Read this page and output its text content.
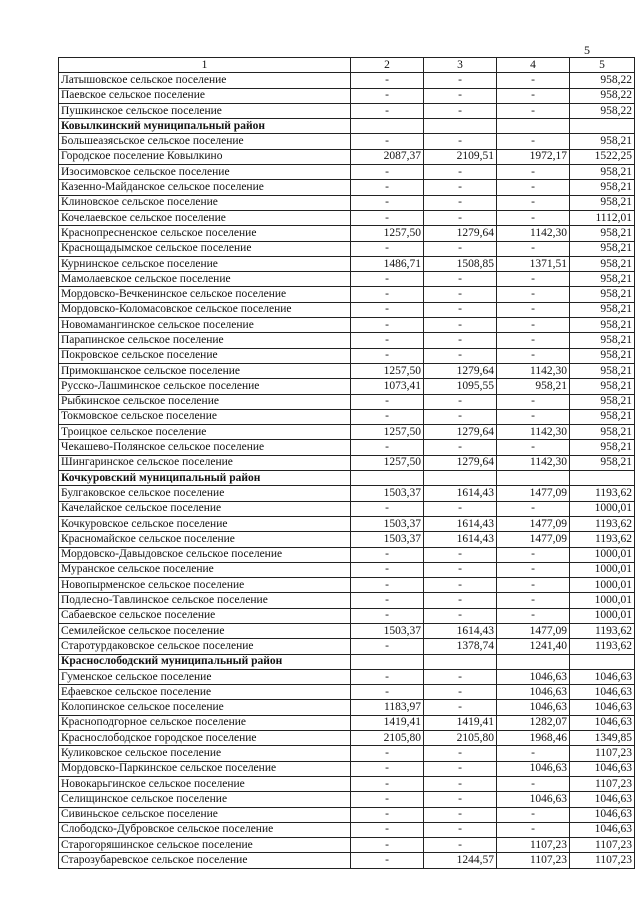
5
1	2	3	4	5
Латышовское сельское поселение	-	-	-	958,22
Паевское сельское поселение	-	-	-	958,22
Пушкинское сельское поселение	-	-	-	958,22
Ковылкинский муниципальный район				
Большеазясьское сельское поселение	-	-	-	958,21
Городское поселение Ковылкино	2087,37	2109,51	1972,17	1522,25
Изосимовское сельское поселение	-	-	-	958,21
Казенно-Майданское сельское поселение	-	-	-	958,21
Клиновское сельское поселение	-	-	-	958,21
Кочелаевское сельское поселение	-	-	-	1112,01
Краснопресненское сельское поселение	1257,50	1279,64	1142,30	958,21
Краснощадымское сельское поселение	-	-	-	958,21
Курнинское сельское поселение	1486,71	1508,85	1371,51	958,21
Мамолаевское сельское поселение	-	-	-	958,21
Мордовско-Вечкенинское сельское поселение	-	-	-	958,21
Мордовско-Коломасовское сельское поселение	-	-	-	958,21
Новомамангинское сельское поселение	-	-	-	958,21
Парапинское сельское поселение	-	-	-	958,21
Покровское сельское поселение	-	-	-	958,21
Примокшанское сельское поселение	1257,50	1279,64	1142,30	958,21
Русско-Лашминское сельское поселение	1073,41	1095,55	958,21	958,21
Рыбкинское сельское поселение	-	-	-	958,21
Токмовское сельское поселение	-	-	-	958,21
Троицкое сельское поселение	1257,50	1279,64	1142,30	958,21
Чекашево-Полянское сельское поселение	-	-	-	958,21
Шингаринское сельское поселение	1257,50	1279,64	1142,30	958,21
Кочкуровский муниципальный район				
Булгаковское сельское поселение	1503,37	1614,43	1477,09	1193,62
Качелайское сельское поселение	-	-	-	1000,01
Кочкуровское сельское поселение	1503,37	1614,43	1477,09	1193,62
Красномайское сельское поселение	1503,37	1614,43	1477,09	1193,62
Мордовско-Давыдовское сельское поселение	-	-	-	1000,01
Муранское сельское поселение	-	-	-	1000,01
Новопырменское сельское поселение	-	-	-	1000,01
Подлесно-Тавлинское сельское поселение	-	-	-	1000,01
Сабаевское сельское поселение	-	-	-	1000,01
Семилейское сельское поселение	1503,37	1614,43	1477,09	1193,62
Старотурдаковское сельское поселение	-	1378,74	1241,40	1193,62
Краснослободский муниципальный район				
Гуменское сельское поселение	-	-	1046,63	1046,63
Ефаевское сельское поселение	-	-	1046,63	1046,63
Колопинское сельское поселение	1183,97	-	1046,63	1046,63
Краснoподгорное сельское поселение	1419,41	1419,41	1282,07	1046,63
Краснослободское городское поселение	2105,80	2105,80	1968,46	1349,85
Куликовское сельское поселение	-	-	-	1107,23
Мордовско-Паркинское сельское поселение	-	-	1046,63	1046,63
Новокарьгинское сельское поселение	-	-	-	1107,23
Селищинское сельское поселение	-	-	1046,63	1046,63
Сивиньское сельское поселение	-	-	-	1046,63
Слободско-Дубровское сельское поселение	-	-	-	1046,63
Старогоряшинское сельское поселение	-	-	1107,23	1107,23
Старозубаревское сельское поселение	-	1244,57	1107,23	1107,23
